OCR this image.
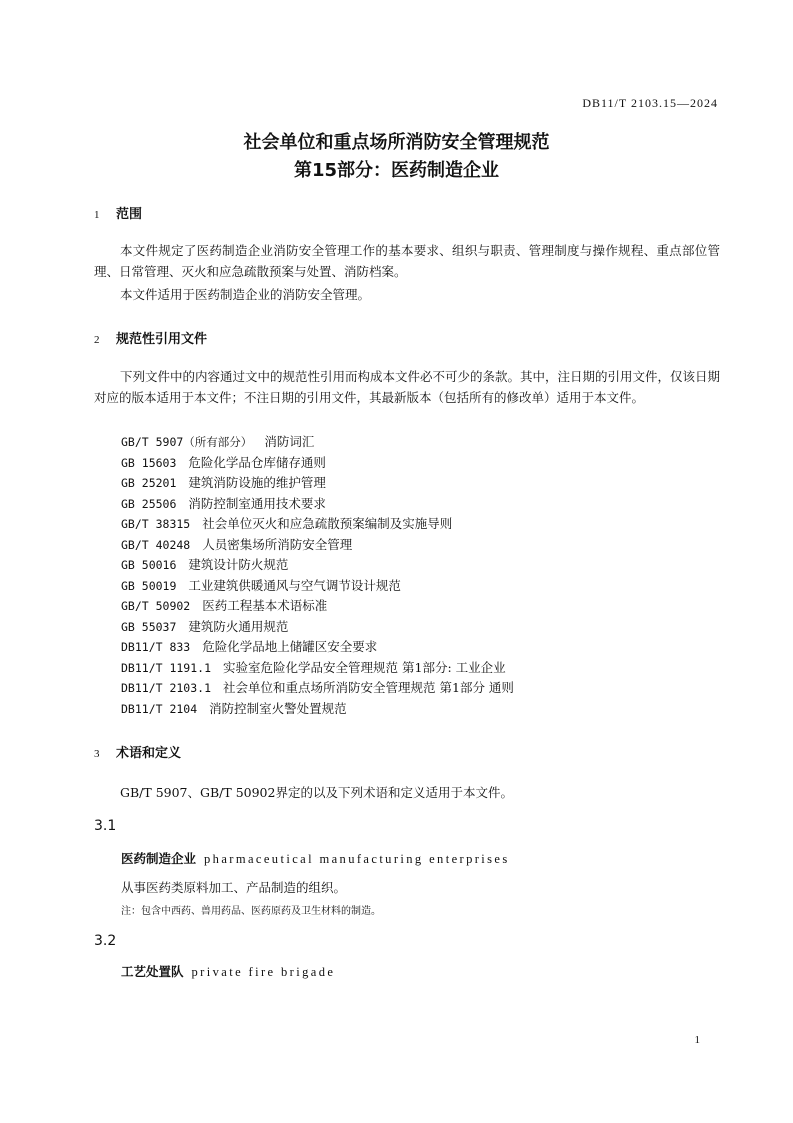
DB11/T 2103.15—2024
社会单位和重点场所消防安全管理规范
第15部分：医药制造企业
1 范围
本文件规定了医药制造企业消防安全管理工作的基本要求、组织与职责、管理制度与操作规程、重点部位管理、日常管理、灭火和应急疏散预案与处置、消防档案。
本文件适用于医药制造企业的消防安全管理。
2 规范性引用文件
下列文件中的内容通过文中的规范性引用而构成本文件必不可少的条款。其中，注日期的引用文件，仅该日期对应的版本适用于本文件；不注日期的引用文件，其最新版本（包括所有的修改单）适用于本文件。
GB/T 5907（所有部分） 消防词汇
GB 15603 危险化学品仓库储存通则
GB 25201 建筑消防设施的维护管理
GB 25506 消防控制室通用技术要求
GB/T 38315 社会单位灭火和应急疏散预案编制及实施导则
GB/T 40248 人员密集场所消防安全管理
GB 50016 建筑设计防火规范
GB 50019 工业建筑供暖通风与空气调节设计规范
GB/T 50902 医药工程基本术语标准
GB 55037 建筑防火通用规范
DB11/T 833 危险化学品地上储罐区安全要求
DB11/T 1191.1 实验室危险化学品安全管理规范 第1部分: 工业企业
DB11/T 2103.1 社会单位和重点场所消防安全管理规范 第1部分 通则
DB11/T 2104 消防控制室火警处置规范
3 术语和定义
GB/T 5907、GB/T 50902界定的以及下列术语和定义适用于本文件。
3.1
医药制造企业 pharmaceutical manufacturing enterprises
从事医药类原料加工、产品制造的组织。
注：包含中西药、兽用药品、医药原药及卫生材料的制造。
3.2
工艺处置队 private fire brigade
1
